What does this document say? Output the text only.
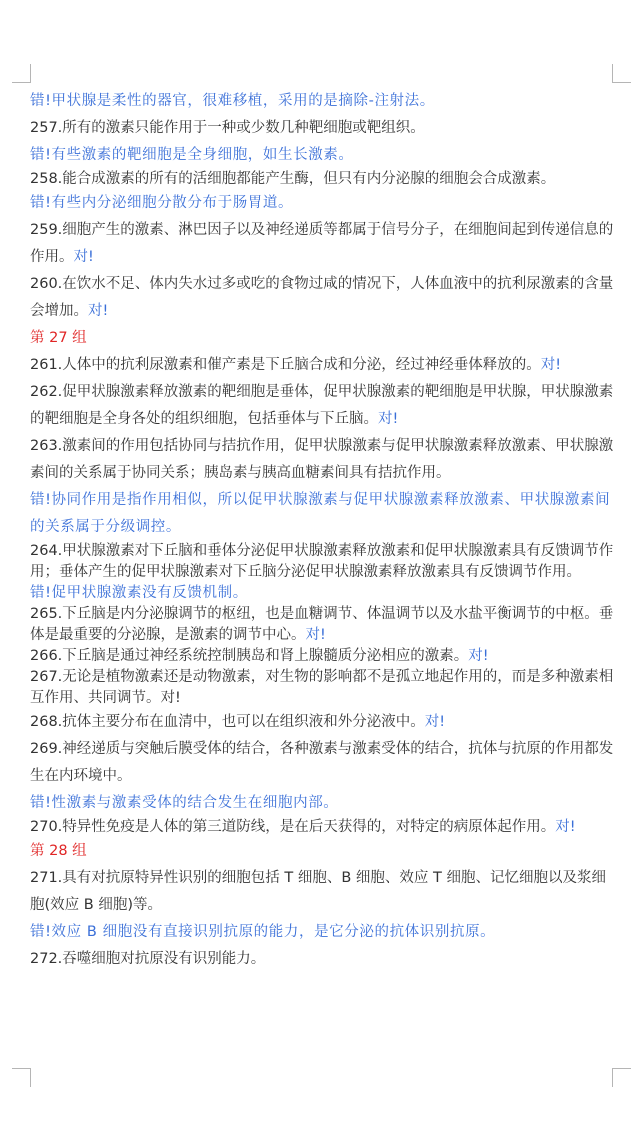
错!甲状腺是柔性的器官，很难移植，采用的是摘除-注射法。

257.所有的激素只能作用于一种或少数几种靶细胞或靶组织。

错!有些激素的靶细胞是全身细胞，如生长激素。

258.能合成激素的所有的活细胞都能产生酶，但只有内分泌腺的细胞会合成激素。

错!有些内分泌细胞分散分布于肠胃道。

259.细胞产生的激素、淋巴因子以及神经递质等都属于信号分子，在细胞间起到传递信息的作用。对!

260.在饮水不足、体内失水过多或吃的食物过咸的情况下，人体血液中的抗利尿激素的含量会增加。对!

第 27 组

261.人体中的抗利尿激素和催产素是下丘脑合成和分泌，经过神经垂体释放的。对!

262.促甲状腺激素释放激素的靶细胞是垂体，促甲状腺激素的靶细胞是甲状腺，甲状腺激素的靶细胞是全身各处的组织细胞，包括垂体与下丘脑。对!

263.激素间的作用包括协同与拮抗作用，促甲状腺激素与促甲状腺激素释放激素、甲状腺激素间的关系属于协同关系；胰岛素与胰高血糖素间具有拮抗作用。

错!协同作用是指作用相似，所以促甲状腺激素与促甲状腺激素释放激素、甲状腺激素间的关系属于分级调控。

264.甲状腺激素对下丘脑和垂体分泌促甲状腺激素释放激素和促甲状腺激素具有反馈调节作用；垂体产生的促甲状腺激素对下丘脑分泌促甲状腺激素释放激素具有反馈调节作用。

错!促甲状腺激素没有反馈机制。

265.下丘脑是内分泌腺调节的枢纽，也是血糖调节、体温调节以及水盐平衡调节的中枢。垂体是最重要的分泌腺，是激素的调节中心。对!

266.下丘脑是通过神经系统控制胰岛和肾上腺髓质分泌相应的激素。对!

267.无论是植物激素还是动物激素，对生物的影响都不是孤立地起作用的，而是多种激素相互作用、共同调节。对!

268.抗体主要分布在血清中，也可以在组织液和外分泌液中。对!

269.神经递质与突触后膜受体的结合，各种激素与激素受体的结合，抗体与抗原的作用都发生在内环境中。

错!性激素与激素受体的结合发生在细胞内部。

270.特异性免疫是人体的第三道防线，是在后天获得的，对特定的病原体起作用。对!

第 28 组

271.具有对抗原特异性识别的细胞包括 T 细胞、B 细胞、效应 T 细胞、记忆细胞以及浆细胞(效应 B 细胞)等。

错!效应 B 细胞没有直接识别抗原的能力，是它分泌的抗体识别抗原。

272.吞噬细胞对抗原没有识别能力。
